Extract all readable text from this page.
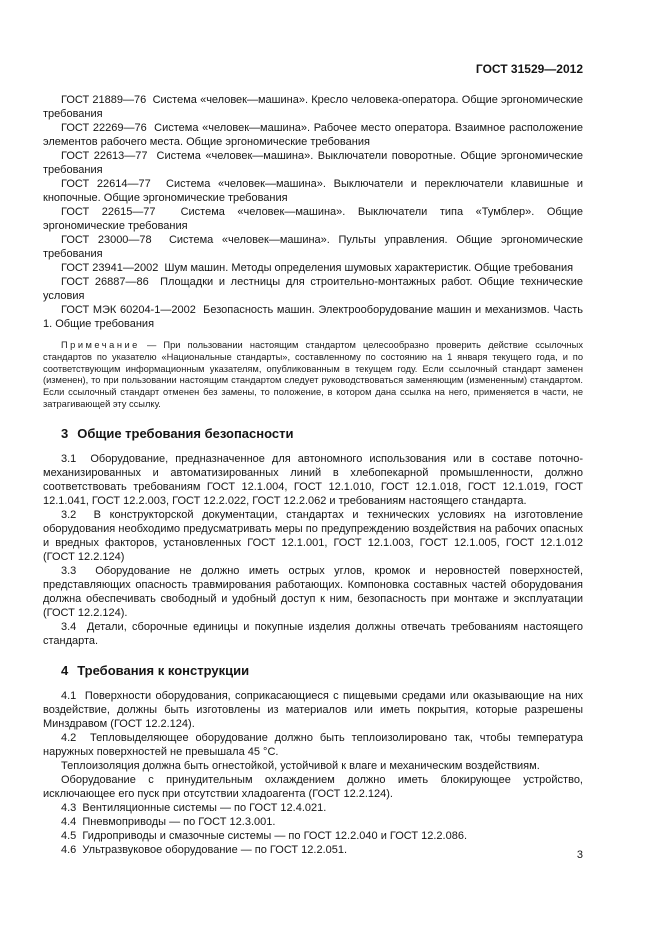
ГОСТ 31529—2012

ГОСТ 21889—76  Система «человек—машина». Кресло человека-оператора. Общие эргономические требования

ГОСТ 22269—76  Система «человек—машина». Рабочее место оператора. Взаимное расположение элементов рабочего места. Общие эргономические требования

ГОСТ 22613—77  Система «человек—машина». Выключатели поворотные. Общие эргономические требования

ГОСТ 22614—77  Система «человек—машина». Выключатели и переключатели клавишные и кнопочные. Общие эргономические требования

ГОСТ 22615—77  Система «человек—машина». Выключатели типа «Тумблер». Общие эргономические требования

ГОСТ 23000—78  Система «человек—машина». Пульты управления. Общие эргономические требования

ГОСТ 23941—2002  Шум машин. Методы определения шумовых характеристик. Общие требования

ГОСТ 26887—86  Площадки и лестницы для строительно-монтажных работ. Общие технические условия

ГОСТ МЭК 60204-1—2002  Безопасность машин. Электрооборудование машин и механизмов. Часть 1. Общие требования

Примечание — При пользовании настоящим стандартом целесообразно проверить действие ссылочных стандартов по указателю «Национальные стандарты», составленному по состоянию на 1 января текущего года, и по соответствующим информационным указателям, опубликованным в текущем году. Если ссылочный стандарт заменен (изменен), то при пользовании настоящим стандартом следует руководствоваться заменяющим (измененным) стандартом. Если ссылочный стандарт отменен без замены, то положение, в котором дана ссылка на него, применяется в части, не затрагивающей эту ссылку.

3 Общие требования безопасности

3.1  Оборудование, предназначенное для автономного использования или в составе поточно-механизированных и автоматизированных линий в хлебопекарной промышленности, должно соответствовать требованиям ГОСТ 12.1.004, ГОСТ 12.1.010, ГОСТ 12.1.018, ГОСТ 12.1.019, ГОСТ 12.1.041, ГОСТ 12.2.003, ГОСТ 12.2.022, ГОСТ 12.2.062 и требованиям настоящего стандарта.

3.2  В конструкторской документации, стандартах и технических условиях на изготовление оборудования необходимо предусматривать меры по предупреждению воздействия на рабочих опасных и вредных факторов, установленных ГОСТ 12.1.001, ГОСТ 12.1.003, ГОСТ 12.1.005, ГОСТ 12.1.012 (ГОСТ 12.2.124)

3.3  Оборудование не должно иметь острых углов, кромок и неровностей поверхностей, представляющих опасность травмирования работающих. Компоновка составных частей оборудования должна обеспечивать свободный и удобный доступ к ним, безопасность при монтаже и эксплуатации (ГОСТ 12.2.124).

3.4  Детали, сборочные единицы и покупные изделия должны отвечать требованиям настоящего стандарта.

4 Требования к конструкции

4.1  Поверхности оборудования, соприкасающиеся с пищевыми средами или оказывающие на них воздействие, должны быть изготовлены из материалов или иметь покрытия, которые разрешены Минздравом (ГОСТ 12.2.124).

4.2  Тепловыделяющее оборудование должно быть теплоизолировано так, чтобы температура наружных поверхностей не превышала 45 °С.

Теплоизоляция должна быть огнестойкой, устойчивой к влаге и механическим воздействиям.

Оборудование с принудительным охлаждением должно иметь блокирующее устройство, исключающее его пуск при отсутствии хладоагента (ГОСТ 12.2.124).

4.3  Вентиляционные системы — по ГОСТ 12.4.021.

4.4  Пневмоприводы — по ГОСТ 12.3.001.

4.5  Гидроприводы и смазочные системы — по ГОСТ 12.2.040 и ГОСТ 12.2.086.

4.6  Ультразвуковое оборудование — по ГОСТ 12.2.051.	3
